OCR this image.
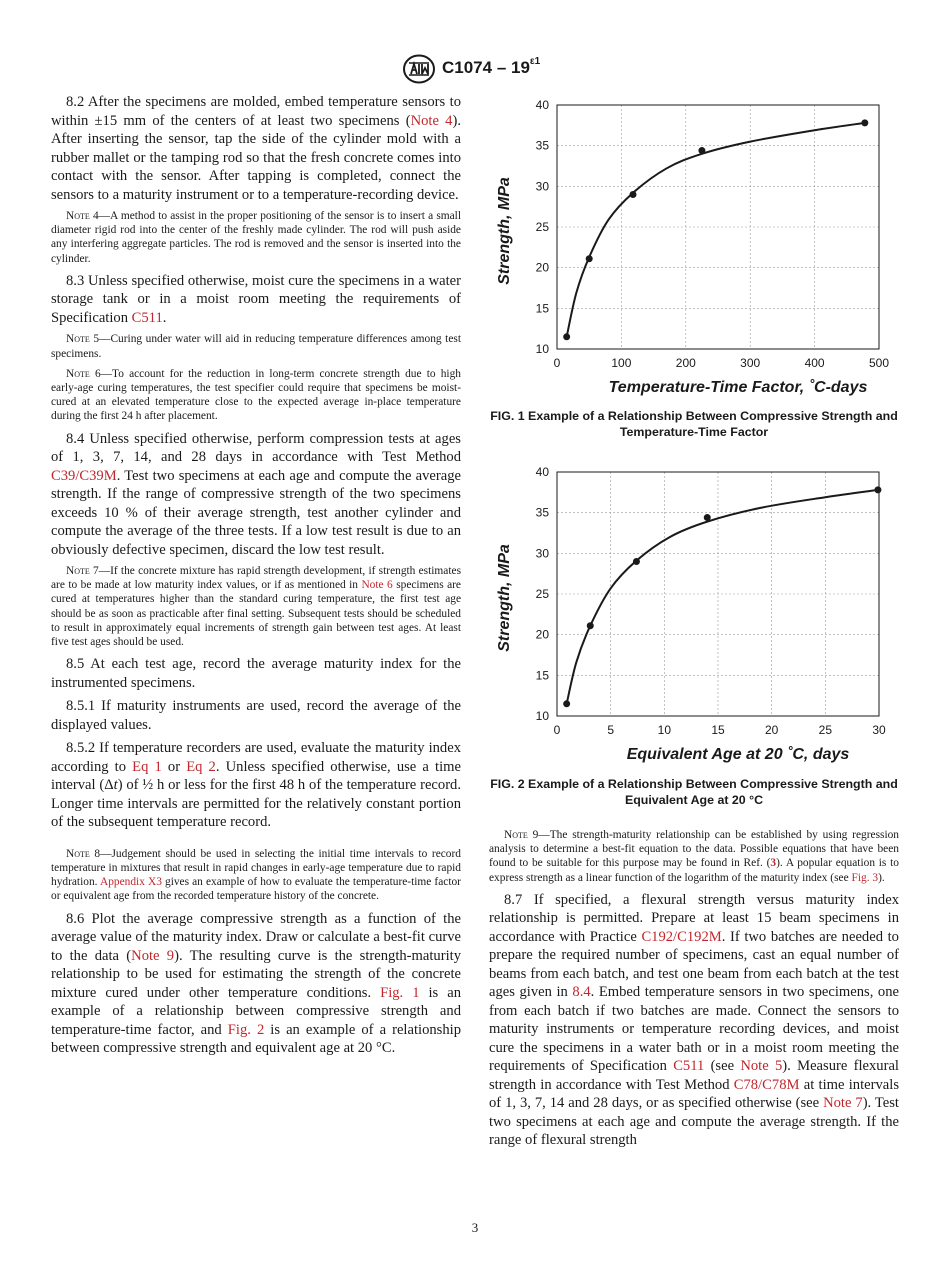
$C1074 - 19^{\varepsilon 1}$

8.2 After the specimens are molded, embed temperature sensors to within ±15 mm of the centers of at least two specimens (Note 4). After inserting the sensor, tap the side of the cylinder mold with a rubber mallet or the tamping rod so that the fresh concrete comes into contact with the sensor. After tapping is completed, connect the sensors to a maturity instrument or to a temperature-recording device.

Note 4—A method to assist in the proper positioning of the sensor is to insert a small diameter rigid rod into the center of the freshly made cylinder. The rod will push aside any interfering aggregate particles. The rod is removed and the sensor is inserted into the cylinder.

8.3 Unless specified otherwise, moist cure the specimens in a water storage tank or in a moist room meeting the requirements of Specification C511.

Note 5—Curing under water will aid in reducing temperature differences among test specimens.

Note 6—To account for the reduction in long-term concrete strength due to high early-age curing temperatures, the test specifier could require that specimens be moist-cured at an elevated temperature close to the expected average in-place temperature during the first 24 h after placement.

8.4 Unless specified otherwise, perform compression tests at ages of 1, 3, 7, 14, and 28 days in accordance with Test Method C39/C39M. Test two specimens at each age and compute the average strength. If the range of compressive strength of the two specimens exceeds 10 % of their average strength, test another cylinder and compute the average of the three tests. If a low test result is due to an obviously defective specimen, discard the low test result.

Note 7—If the concrete mixture has rapid strength development, if strength estimates are to be made at low maturity index values, or if as mentioned in Note 6 specimens are cured at temperatures higher than the standard curing temperature, the first test age should be as soon as practicable after final setting. Subsequent tests should be scheduled to result in approximately equal increments of strength gain between test ages. At least five test ages should be used.

8.5 At each test age, record the average maturity index for the instrumented specimens.

8.5.1 If maturity instruments are used, record the average of the displayed values.

8.5.2 If temperature recorders are used, evaluate the maturity index according to Eq 1 or Eq 2. Unless specified otherwise, use a time interval (Δt) of ½ h or less for the first 48 h of the temperature record. Longer time intervals are permitted for the relatively constant portion of the subsequent temperature record.

Note 8—Judgement should be used in selecting the initial time intervals to record temperature in mixtures that result in rapid changes in early-age temperature due to rapid hydration. Appendix X3 gives an example of how to evaluate the temperature-time factor or equivalent age from the recorded temperature history of the concrete.

8.6 Plot the average compressive strength as a function of the average value of the maturity index. Draw or calculate a best-fit curve to the data (Note 9). The resulting curve is the strength-maturity relationship to be used for estimating the strength of the concrete mixture cured under other temperature conditions. Fig. 1 is an example of a relationship between compressive strength and temperature-time factor, and Fig. 2 is an example of a relationship between compressive strength and equivalent age at 20 °C.

10
15
20
25
30
35
40
0	100	200	300	400	500
Temperature-Time Factor, ˚C-days
Strength, MPa
FIG. 1 Example of a Relationship Between Compressive Strength and Temperature-Time Factor
10
15
20
25
30
35
40
0	5	10	15	20	25	30
Equivalent Age at 20 ˚C, days
Strength, MPa
FIG. 2 Example of a Relationship Between Compressive Strength and Equivalent Age at 20 °C

Note 9—The strength-maturity relationship can be established by using regression analysis to determine a best-fit equation to the data. Possible equations that have been found to be suitable for this purpose may be found in Ref. (3). A popular equation is to express strength as a linear function of the logarithm of the maturity index (see Fig. 3).

8.7 If specified, a flexural strength versus maturity index relationship is permitted. Prepare at least 15 beam specimens in accordance with Practice C192/C192M. If two batches are needed to prepare the required number of specimens, cast an equal number of beams from each batch, and test one beam from each batch at the test ages given in 8.4. Embed temperature sensors in two specimens, one from each batch if two batches are made. Connect the sensors to maturity instruments or temperature recording devices, and moist cure the specimens in a water bath or in a moist room meeting the requirements of Specification C511 (see Note 5). Measure flexural strength in accordance with Test Method C78/C78M at time intervals of 1, 3, 7, 14 and 28 days, or as specified otherwise (see Note 7). Test two specimens at each age and compute the average strength. If the range of flexural strength

3
